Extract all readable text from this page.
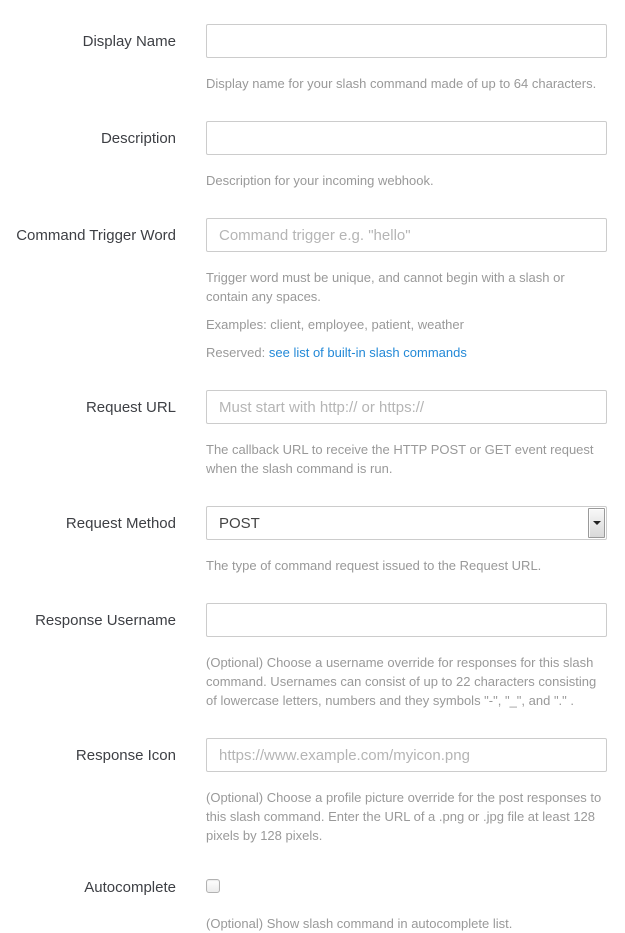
Display Name

Display name for your slash command made of up to 64 characters.

Description

Description for your incoming webhook.

Command Trigger Word
Command trigger e.g. "hello"

Trigger word must be unique, and cannot begin with a slash or contain any spaces.

Examples: client, employee, patient, weather

Reserved: see list of built-in slash commands

Request URL
Must start with http:// or https://

The callback URL to receive the HTTP POST or GET event request when the slash command is run.

Request Method	POST

The type of command request issued to the Request URL.

Response Username

(Optional) Choose a username override for responses for this slash command. Usernames can consist of up to 22 characters consisting of lowercase letters, numbers and they symbols "-", "_", and "." .

Response Icon
https://www.example.com/myicon.png

(Optional) Choose a profile picture override for the post responses to this slash command. Enter the URL of a .png or .jpg file at least 128 pixels by 128 pixels.

Autocomplete

(Optional) Show slash command in autocomplete list.
